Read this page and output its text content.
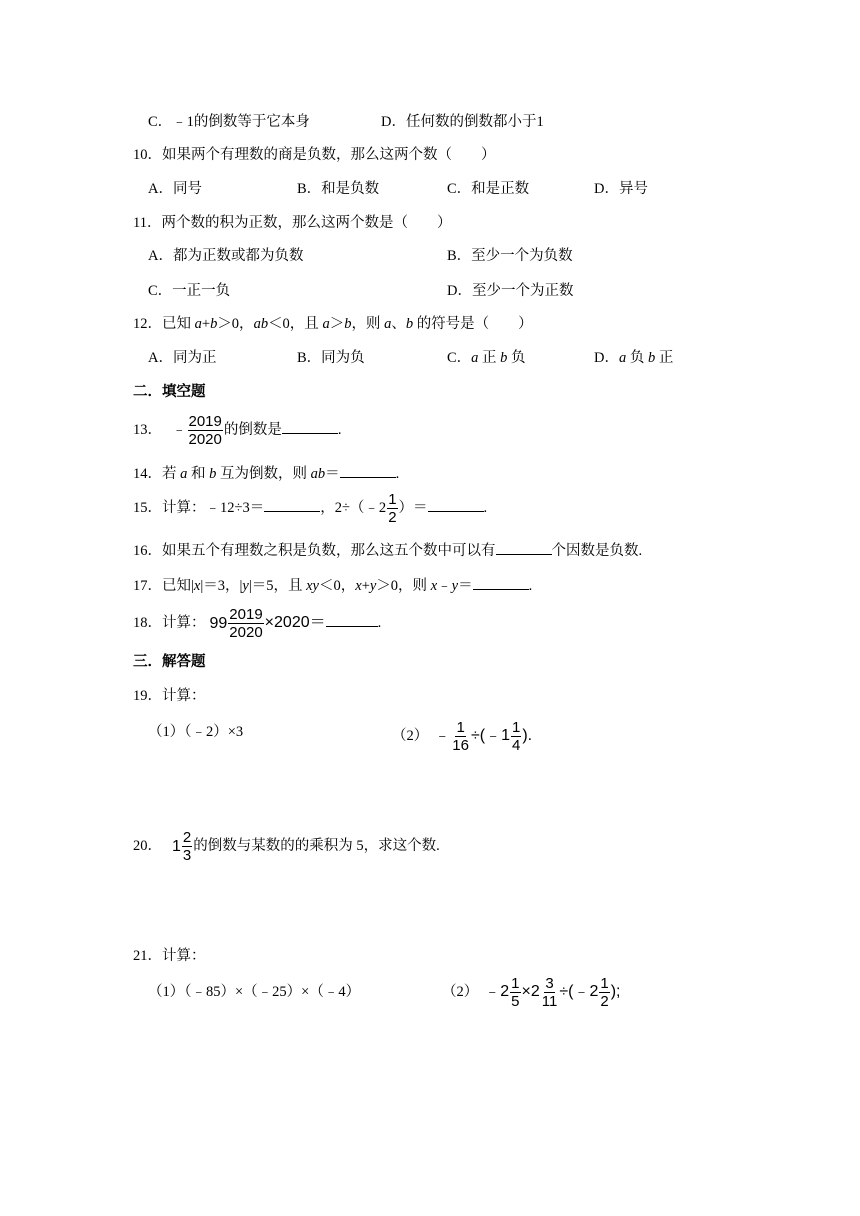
C．﹣1的倒数等于它本身	D．任何数的倒数都小于1
10．如果两个有理数的商是负数，那么这两个数（　　）
A．同号	B．和是负数	C．和是正数	D．异号
11．两个数的积为正数，那么这两个数是（　　）
A．都为正数或都为负数	B．至少一个为负数
C．一正一负	D．至少一个为正数
12．已知 a+b＞0，ab＜0，且 a＞b，则 a、b 的符号是（　　）
A．同为正	B．同为负	C．a 正 b 负	D．a 负 b 正
二．填空题
13． ﹣ $\frac{2019}{2020}$ 的倒数是	.
14．若 a 和 b 互为倒数，则 ab＝	.
15．计算：﹣12÷3＝	，2÷（﹣2 $\frac{1}{2}$ ）＝	.
16．如果五个有理数之积是负数，那么这五个数中可以有	个因数是负数.
17．已知|x|＝3，|y|＝5，且 xy＜0，x+y＞0，则 x﹣y＝	.
18．计算： $99 \frac{2019}{2020} \times 2020=$	.
三．解答题
19．计算：
（1）（﹣2）×3	（2） ﹣ $\frac{1}{16}$ ÷(﹣1 $\frac{1}{4}$ ).
20． $1 \frac{2}{3}$ 的倒数与某数的的乘积为 5，求这个数.
21．计算：
（1）（﹣85）×（﹣25）×（﹣4）	（2） ﹣2 $\frac{1}{5} \times 2 \frac{3}{11}$ ÷(﹣2 $\frac{1}{2}$ );
